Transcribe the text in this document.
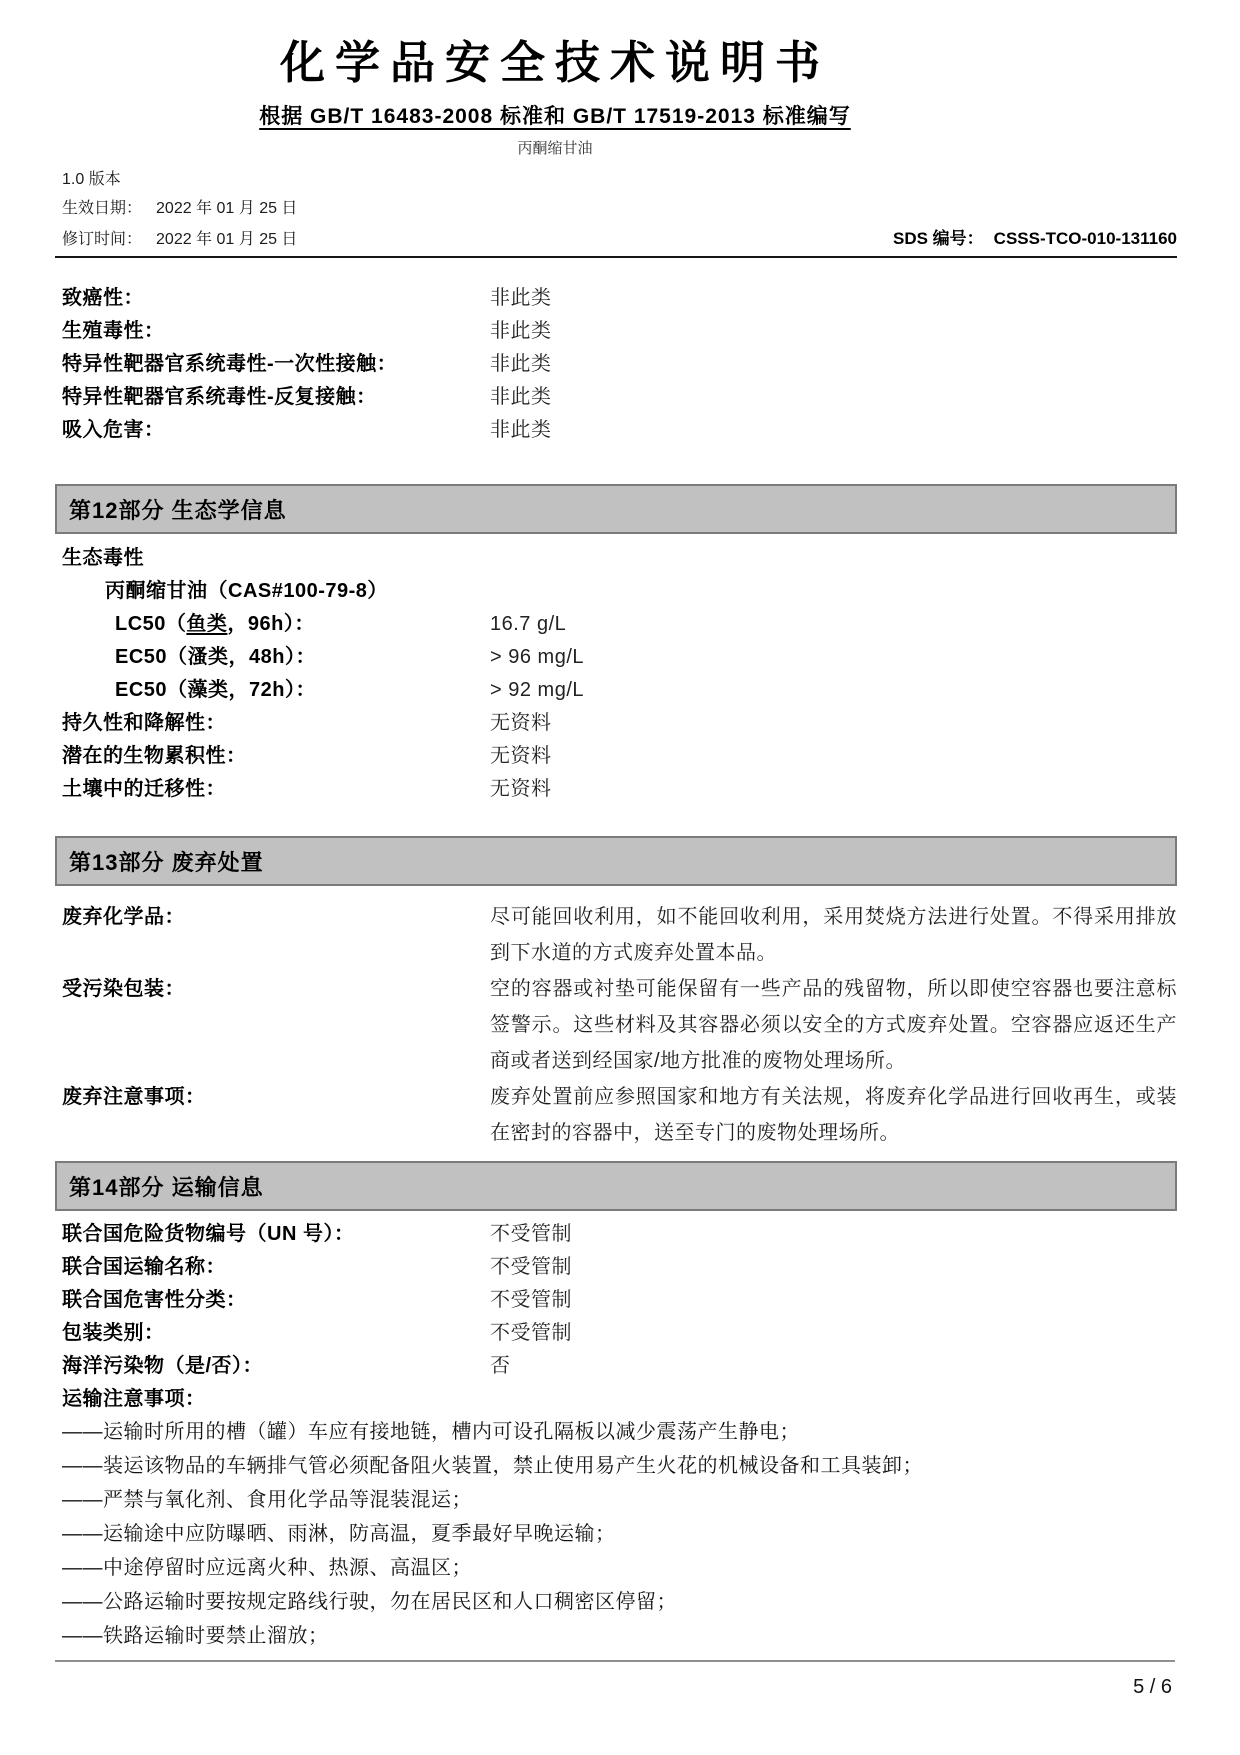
化学品安全技术说明书
根据 GB/T 16483-2008 标准和 GB/T 17519-2013 标准编写
丙酮缩甘油
1.0 版本
生效日期： 2022 年 01 月 25 日
修订时间： 2022 年 01 月 25 日	SDS 编号： CSSS-TCO-010-131160
致癌性：	非此类
生殖毒性：	非此类
特异性靶器官系统毒性-一次性接触：	非此类
特异性靶器官系统毒性-反复接触：	非此类
吸入危害：	非此类
第12部分 生态学信息
生态毒性
丙酮缩甘油（CAS#100-79-8）
LC50（鱼类，96h）：	16.7 g/L
EC50（溞类，48h）：	> 96 mg/L
EC50（藻类，72h）：	> 92 mg/L
持久性和降解性：	无资料
潜在的生物累积性：	无资料
土壤中的迁移性：	无资料
第13部分 废弃处置
废弃化学品：	尽可能回收利用，如不能回收利用，采用焚烧方法进行处置。不得采用排放到下水道的方式废弃处置本品。
受污染包装：	空的容器或衬垫可能保留有一些产品的残留物，所以即使空容器也要注意标签警示。这些材料及其容器必须以安全的方式废弃处置。空容器应返还生产商或者送到经国家/地方批准的废物处理场所。
废弃注意事项：	废弃处置前应参照国家和地方有关法规，将废弃化学品进行回收再生，或装在密封的容器中，送至专门的废物处理场所。
第14部分 运输信息
联合国危险货物编号（UN 号）：	不受管制
联合国运输名称：	不受管制
联合国危害性分类：	不受管制
包装类别：	不受管制
海洋污染物（是/否）：	否
运输注意事项：
——运输时所用的槽（罐）车应有接地链，槽内可设孔隔板以减少震荡产生静电；
——装运该物品的车辆排气管必须配备阻火装置，禁止使用易产生火花的机械设备和工具装卸；
——严禁与氧化剂、食用化学品等混装混运；
——运输途中应防曝晒、雨淋，防高温，夏季最好早晚运输；
——中途停留时应远离火种、热源、高温区；
——公路运输时要按规定路线行驶，勿在居民区和人口稠密区停留；
——铁路运输时要禁止溜放；
5 / 6
